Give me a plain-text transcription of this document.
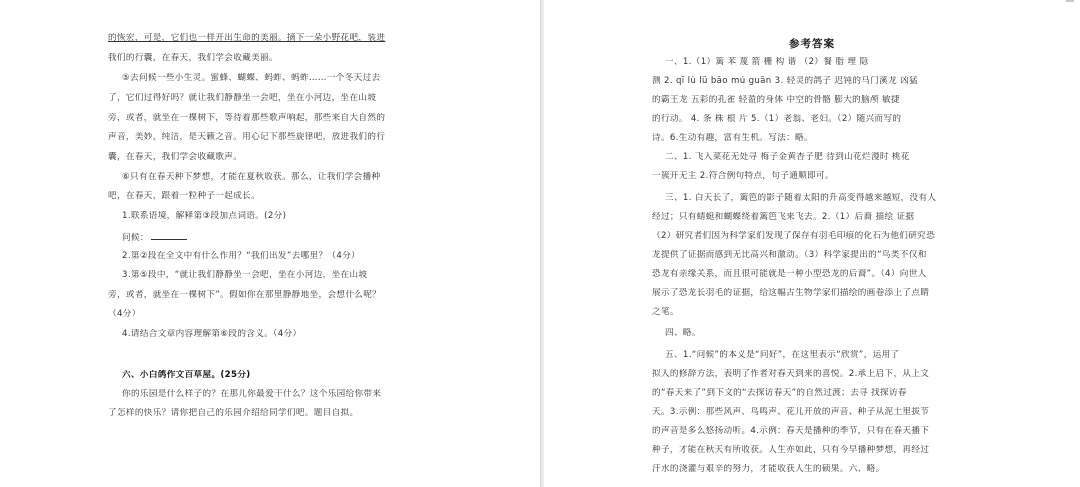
的恢宏，可是，它们也一样开出生命的美丽。摘下一朵小野花吧，装进
我们的行囊，在春天，我们学会收藏美丽。
⑤去问候一些小生灵。蜜蜂、蝴蝶、蚂蚱、蚂蚱……一个冬天过去
了，它们过得好吗？就让我们静静坐一会吧，坐在小河边，坐在山坡
旁，或者，就坐在一棵树下，等待着那些歌声响起，那些来自大自然的
声音，美妙，纯洁，是天籁之音。用心记下那些旋律吧，放进我们的行
囊，在春天，我们学会收藏歌声。
⑥只有在春天种下梦想，才能在夏秋收获。那么，让我们学会播种
吧，在春天，跟着一粒种子一起成长。
1.联系语境，解释第③段加点词语。(2分)
问候：
2.第②段在全文中有什么作用？“我们出发”去哪里？（4分）
3.第⑤段中，“就让我们静静坐一会吧，坐在小河边，坐在山坡
旁，或者，就坐在一棵树下”。假如你在那里静静地坐，会想什么呢？
（4分）
4.请结合文章内容理解第⑥段的含义。（4分）
六、小白鸽作文百草屋。(25分)
你的乐园是什么样子的？在那儿你最爱干什么？这个乐园给你带来
了怎样的快乐？请你把自己的乐园介绍给同学们吧。题目自拟。
参考答案
一、1.（1）篱 苯 蔑 箭 栅 构 谐 （2）餐 脂 埋 隐
测 2. qī lù lǜ bāo mú guān 3. 轻灵的鸽子 迟钝的马门溪龙 凶猛
的霸王龙 五彩的孔雀 轻盈的身体 中空的骨骼 膨大的脑颅 敏捷
的行动。 4. 条 株 根 片 5.（1）老翁、老妇。（2）随兴而写的
诗。6.生动有趣，富有生机。写法：略。
二、1. 飞入菜花无处寻 梅子金黄杏子肥 待到山花烂漫时 桃花
一簇开无主 2.符合例句特点，句子通顺即可。
三、1. 白天长了，篱笆的影子随着太阳的升高变得越来越短，没有人
经过；只有蜻蜓和蝴蝶绕着篱笆飞来飞去。2.（1）后裔 描绘 证据
（2）研究者们因为科学家们发现了保存有羽毛印痕的化石为他们研究恐
龙提供了证据而感到无比高兴和激动。（3）科学家提出的“鸟类不仅和
恐龙有亲缘关系，而且很可能就是一种小型恐龙的后裔”。（4）向世人
展示了恐龙长羽毛的证据，给这幅古生物学家们描绘的画卷添上了点睛
之笔。
四、略。
五、1.“问候”的本义是“问好”，在这里表示“欣赏”，运用了
拟人的修辞方法，表明了作者对春天到来的喜悦。2.承上启下，从上文
的“春天来了”到下文的“去探访春天”的自然过渡；去寻 找探访春
天。3.示例：那些风声、鸟鸣声、花儿开放的声音、种子从泥土里拔节
的声音是多么悠扬动听。4.示例：春天是播种的季节，只有在春天播下
种子，才能在秋天有所收获。人生亦如此，只有今早播种梦想，再经过
汗水的浇灌与艰辛的努力，才能收获人生的硕果。六、略。
